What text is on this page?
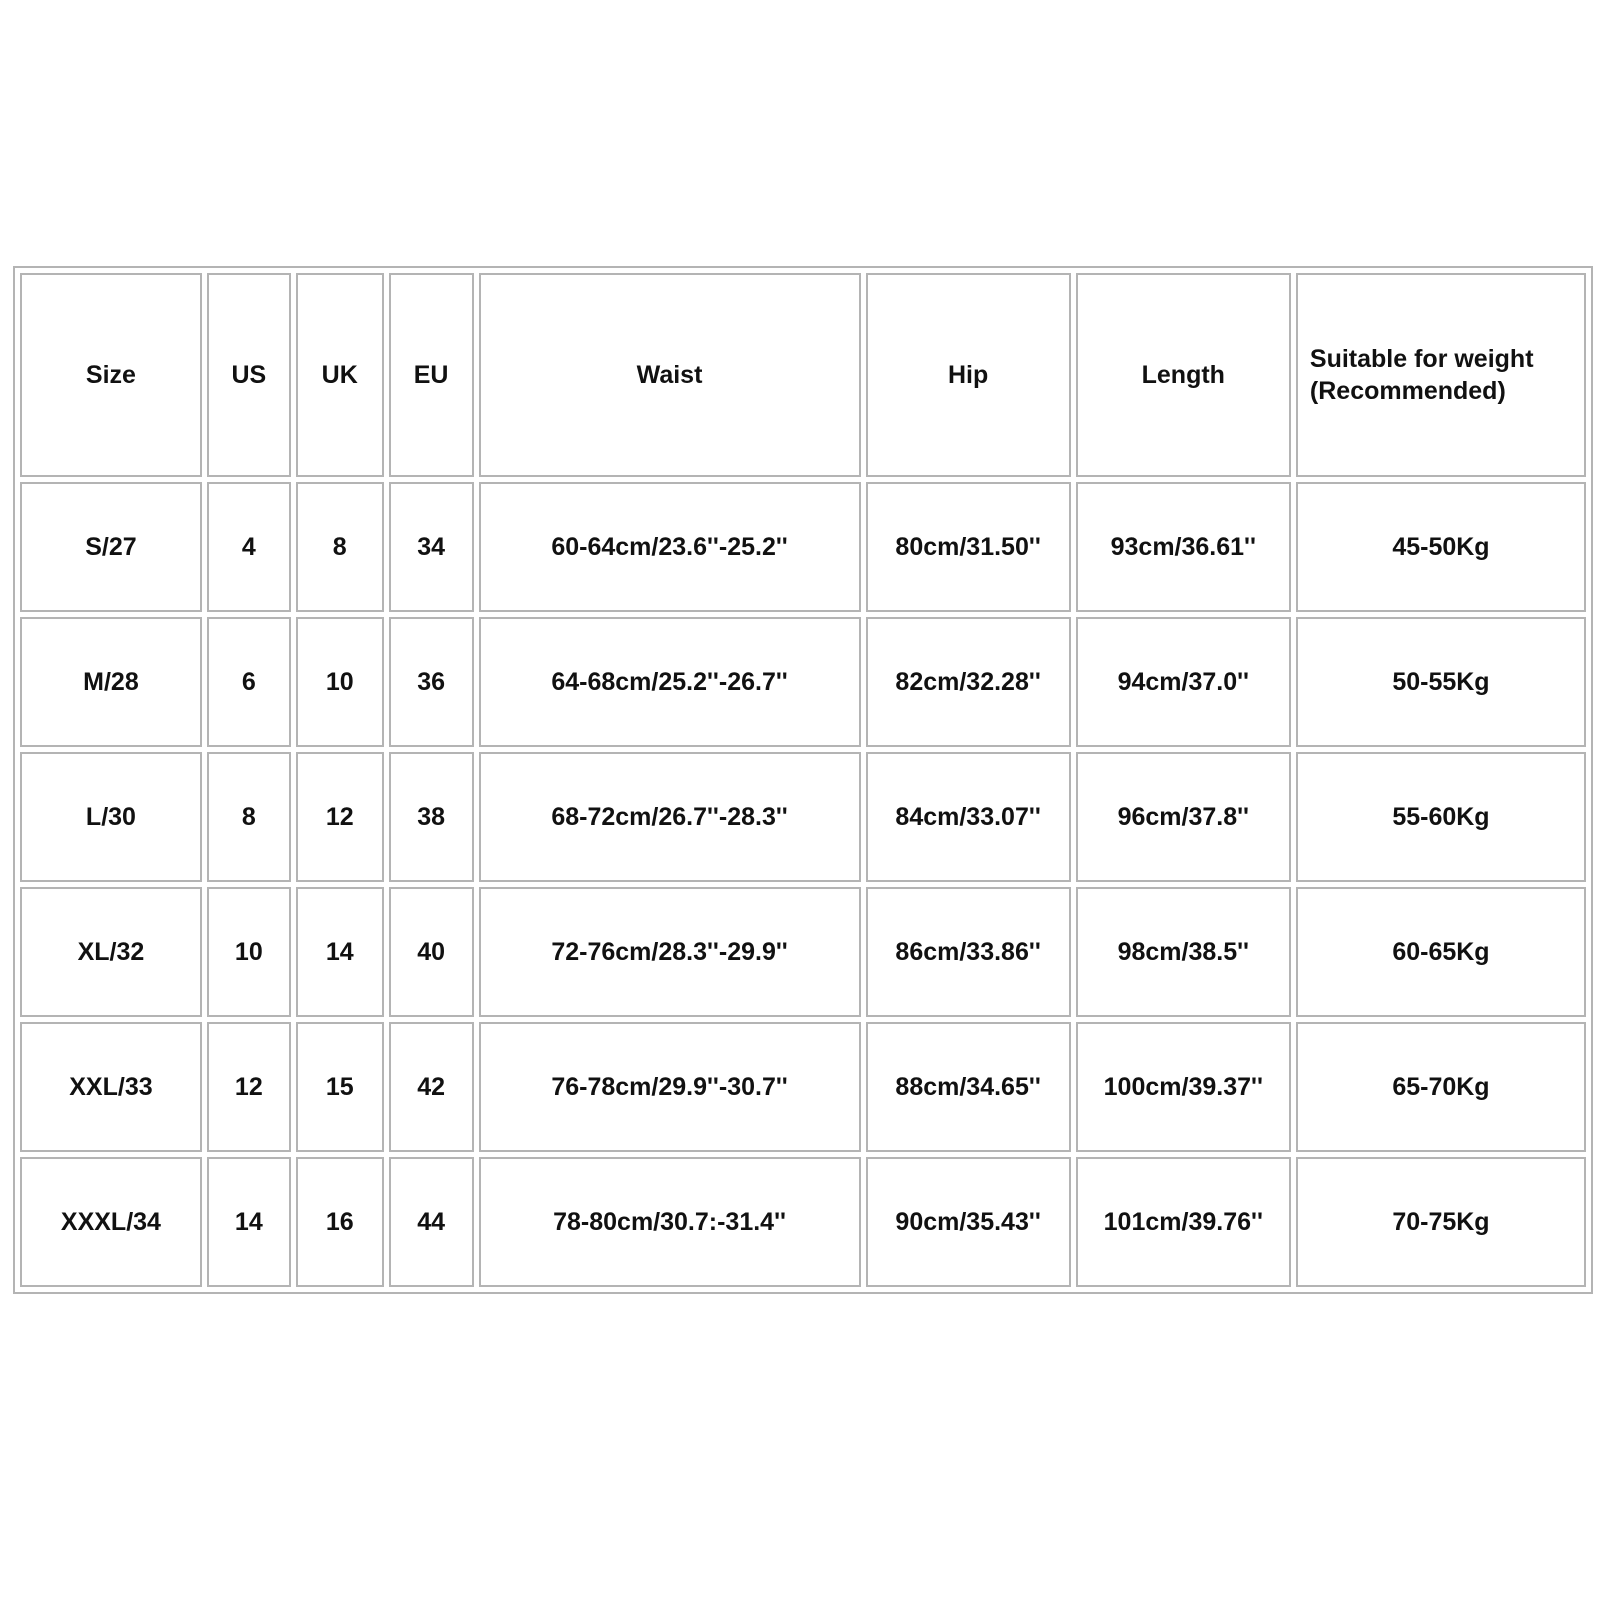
Size	US	UK	EU	Waist	Hip	Length	Suitable for weight
(Recommended)
S/27	4	8	34	60-64cm/23.6''-25.2''	80cm/31.50''	93cm/36.61''	45-50Kg
M/28	6	10	36	64-68cm/25.2''-26.7''	82cm/32.28''	94cm/37.0''	50-55Kg
L/30	8	12	38	68-72cm/26.7''-28.3''	84cm/33.07''	96cm/37.8''	55-60Kg
XL/32	10	14	40	72-76cm/28.3''-29.9''	86cm/33.86''	98cm/38.5''	60-65Kg
XXL/33	12	15	42	76-78cm/29.9''-30.7''	88cm/34.65''	100cm/39.37''	65-70Kg
XXXL/34	14	16	44	78-80cm/30.7:-31.4''	90cm/35.43''	101cm/39.76''	70-75Kg
